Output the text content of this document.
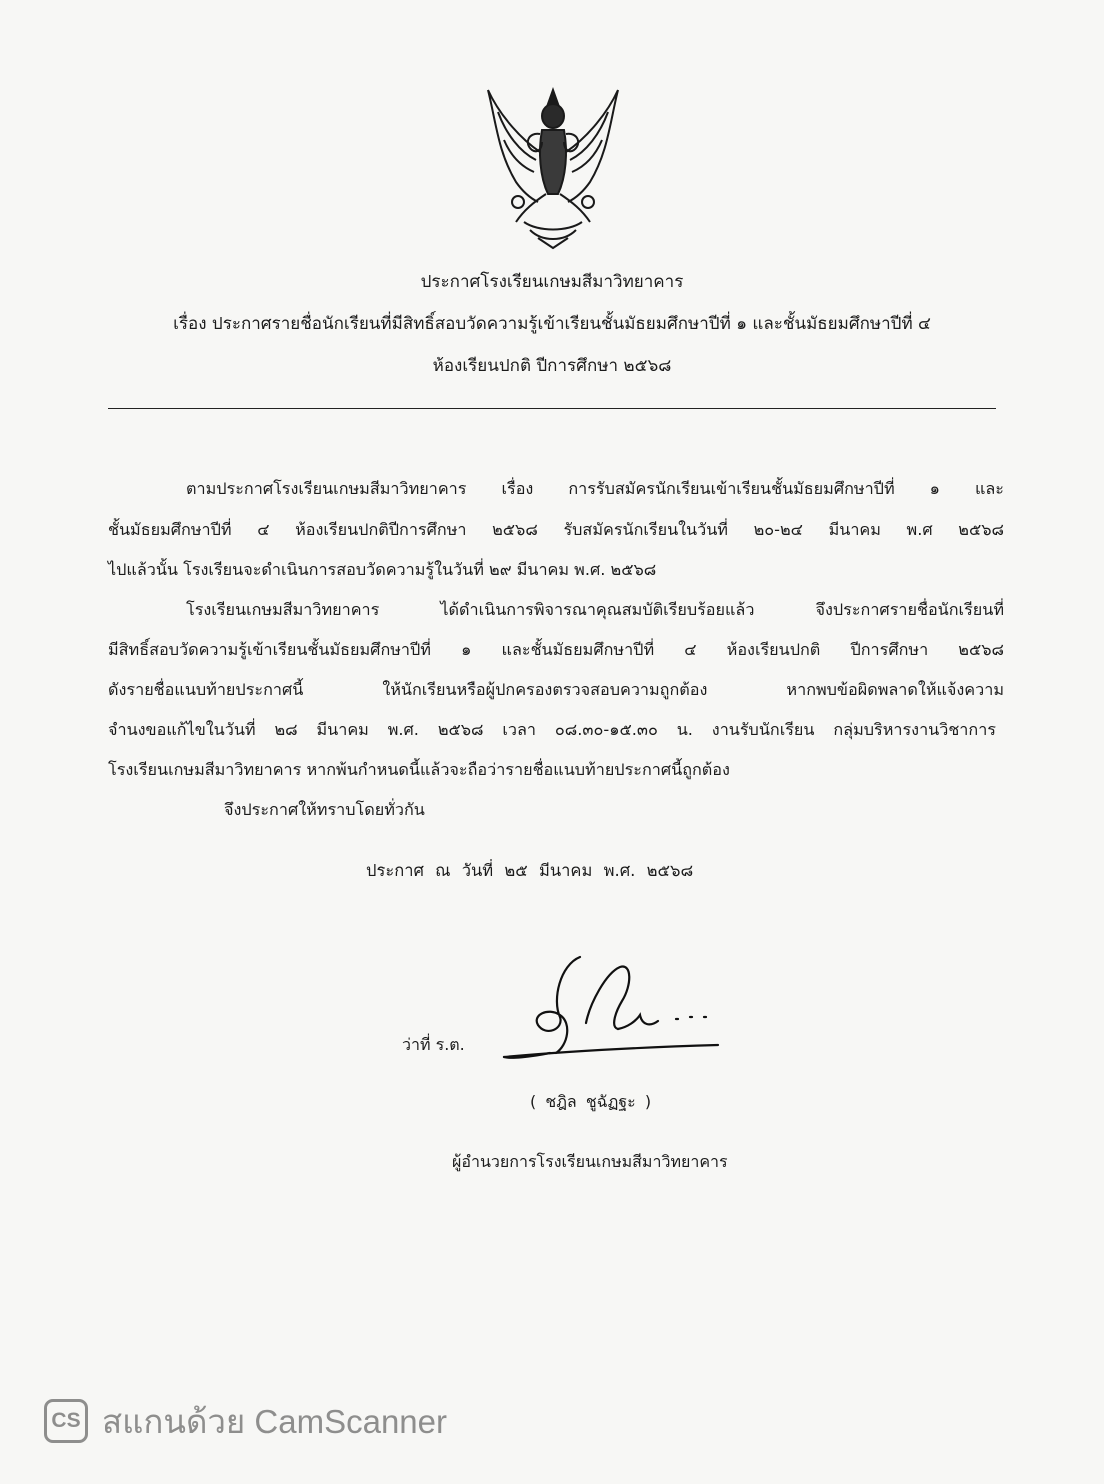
ประกาศโรงเรียนเกษมสีมาวิทยาคาร
เรื่อง ประกาศรายชื่อนักเรียนที่มีสิทธิ์สอบวัดความรู้เข้าเรียนชั้นมัธยมศึกษาปีที่ ๑ และชั้นมัธยมศึกษาปีที่ ๔
ห้องเรียนปกติ ปีการศึกษา ๒๕๖๘
ตามประกาศโรงเรียนเกษมสีมาวิทยาคาร เรื่อง การรับสมัครนักเรียนเข้าเรียนชั้นมัธยมศึกษาปีที่ ๑ และ
ชั้นมัธยมศึกษาปีที่ ๔ ห้องเรียนปกติปีการศึกษา ๒๕๖๘ รับสมัครนักเรียนในวันที่ ๒๐-๒๔ มีนาคม พ.ศ ๒๕๖๘
ไปแล้วนั้น โรงเรียนจะดำเนินการสอบวัดความรู้ในวันที่ ๒๙ มีนาคม พ.ศ. ๒๕๖๘
โรงเรียนเกษมสีมาวิทยาคาร ได้ดำเนินการพิจารณาคุณสมบัติเรียบร้อยแล้ว จึงประกาศรายชื่อนักเรียนที่
มีสิทธิ์สอบวัดความรู้เข้าเรียนชั้นมัธยมศึกษาปีที่ ๑ และชั้นมัธยมศึกษาปีที่ ๔ ห้องเรียนปกติ ปีการศึกษา ๒๕๖๘
ดังรายชื่อแนบท้ายประกาศนี้ ให้นักเรียนหรือผู้ปกครองตรวจสอบความถูกต้อง หากพบข้อผิดพลาดให้แจ้งความ
จำนงขอแก้ไขในวันที่ ๒๘ มีนาคม พ.ศ. ๒๕๖๘ เวลา ๐๘.๓๐-๑๕.๓๐ น. งานรับนักเรียน กลุ่มบริหารงานวิชาการ
โรงเรียนเกษมสีมาวิทยาคาร หากพ้นกำหนดนี้แล้วจะถือว่ารายชื่อแนบท้ายประกาศนี้ถูกต้อง
จึงประกาศให้ทราบโดยทั่วกัน
ประกาศ ณ วันที่ ๒๕ มีนาคม พ.ศ. ๒๕๖๘
ว่าที่ ร.ต.
( ชฎิล ชูฉัฏฐะ )
ผู้อำนวยการโรงเรียนเกษมสีมาวิทยาคาร
CS สแกนด้วย CamScanner
